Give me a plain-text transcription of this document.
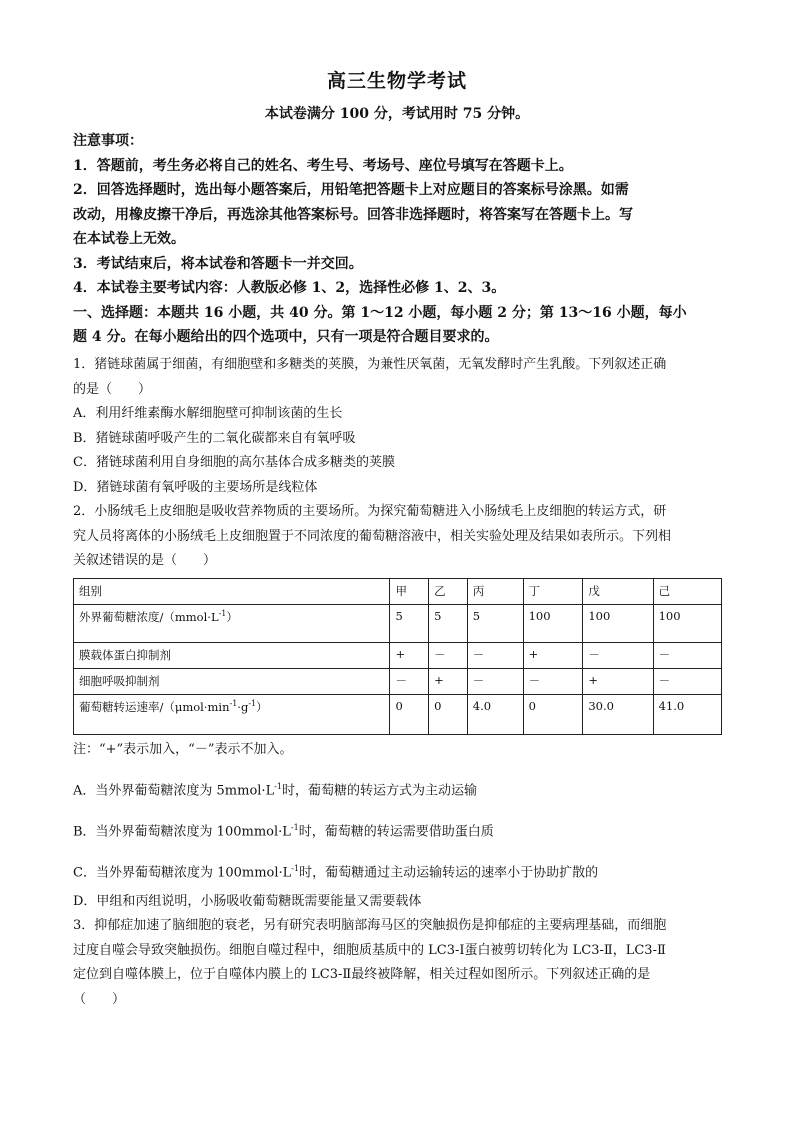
高三生物学考试
本试卷满分 100 分，考试用时 75 分钟。
注意事项：
1．答题前，考生务必将自己的姓名、考生号、考场号、座位号填写在答题卡上。
2．回答选择题时，选出每小题答案后，用铅笔把答题卡上对应题目的答案标号涂黑。如需
改动，用橡皮擦干净后，再选涂其他答案标号。回答非选择题时，将答案写在答题卡上。写
在本试卷上无效。
3．考试结束后，将本试卷和答题卡一并交回。
4．本试卷主要考试内容：人教版必修 1、2，选择性必修 1、2、3。
一、选择题：本题共 16 小题，共 40 分。第 1～12 小题，每小题 2 分；第 13～16 小题，每小
题 4 分。在每小题给出的四个选项中，只有一项是符合题目要求的。
1．猪链球菌属于细菌，有细胞壁和多糖类的荚膜，为兼性厌氧菌，无氧发酵时产生乳酸。下列叙述正确
的是（　　）
A．利用纤维素酶水解细胞壁可抑制该菌的生长
B．猪链球菌呼吸产生的二氧化碳都来自有氧呼吸
C．猪链球菌利用自身细胞的高尔基体合成多糖类的荚膜
D．猪链球菌有氧呼吸的主要场所是线粒体
2．小肠绒毛上皮细胞是吸收营养物质的主要场所。为探究葡萄糖进入小肠绒毛上皮细胞的转运方式，研
究人员将离体的小肠绒毛上皮细胞置于不同浓度的葡萄糖溶液中，相关实验处理及结果如表所示。下列相
关叙述错误的是（　　）
组别	甲	乙	丙	丁	戊	己
外界葡萄糖浓度$/(mmol\cdot L^{-1})$	5	5	5	100	100	100
膜载体蛋白抑制剂	+	－	－	+	－	－
细胞呼吸抑制剂	－	+	－	－	+	－
葡萄糖转运速率$/(\mu mol\cdot\min^{-1}\cdot g^{-1})$	0	0	4.0	0	30.0	41.0
注：“+”表示加入，“－”表示不加入。
A．当外界葡萄糖浓度为 $5mmol\cdot L^{-1}$时，葡萄糖的转运方式为主动运输
B．当外界葡萄糖浓度为 $100mmol\cdot L^{-1}$时，葡萄糖的转运需要借助蛋白质
C．当外界葡萄糖浓度为 $100mmol\cdot L^{-1}$时，葡萄糖通过主动运输转运的速率小于协助扩散的
D．甲组和丙组说明，小肠吸收葡萄糖既需要能量又需要载体
3．抑郁症加速了脑细胞的衰老，另有研究表明脑部海马区的突触损伤是抑郁症的主要病理基础，而细胞
过度自噬会导致突触损伤。细胞自噬过程中，细胞质基质中的 LC3-Ⅰ蛋白被剪切转化为 LC3-Ⅱ，LC3-Ⅱ
定位到自噬体膜上，位于自噬体内膜上的 LC3-Ⅱ最终被降解，相关过程如图所示。下列叙述正确的是
（　　）
